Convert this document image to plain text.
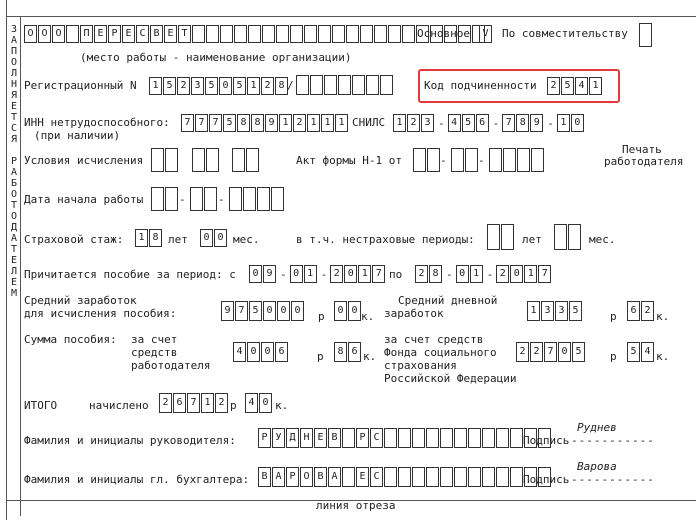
З
А
П
О
Л
Н
Я
Е
Т
С
Я
Р
А
Б
О
Т
О
Д
А
Т
Е
Л
Е
М
О О О	П Е Р Е С В Е Т	Основное	V	По совместительству
(место работы - наименование организации)
Регистрационный N	1 5 2 3 5 0 5 1 2 8 /	Код подчиненности	2 5 4 1
ИНН нетрудоспособного:
(при наличии)
7 7 7 5 8 8 9 1 2 1 1 1 СНИЛС	1 2 3 - 4 5 6 - 7 8 9 - 1 0
Печать
работодателя
Условия исчисления	Акт формы Н-1 от	-	-
Дата начала работы	-	-
Страховой стаж:	1 8 лет	0 0 мес.	в т.ч. нестраховые периоды:	лет	мес.
Причитается пособие за период: с	0 9 - 0 1 - 2 0 1 7 по	2 8 - 0 1 - 2 0 1 7
Средний заработок
для исчисления пособия:	9 7 5 0 0 0	р	0 0 к.
Средний дневной
заработок	1 3 3 5	р	6 2 к.
Сумма пособия: за счет
средств
работодателя
4 0 0 6	р	8 6 к.
за счет средств
Фонда социального
страхования
Российской Федерации
2 2 7 0 5	р	5 4 к.
ИТОГО	начислено	2 6 7 1 2 р	4 0 к.
Фамилия и инициалы руководителя:	Р У Д Н Е В	Р С	Подпись
Руднев
-----------
Фамилия и инициалы гл. бухгалтера:	В А Р О В А	Е С	Подпись
Варова
-----------
линия отреза
